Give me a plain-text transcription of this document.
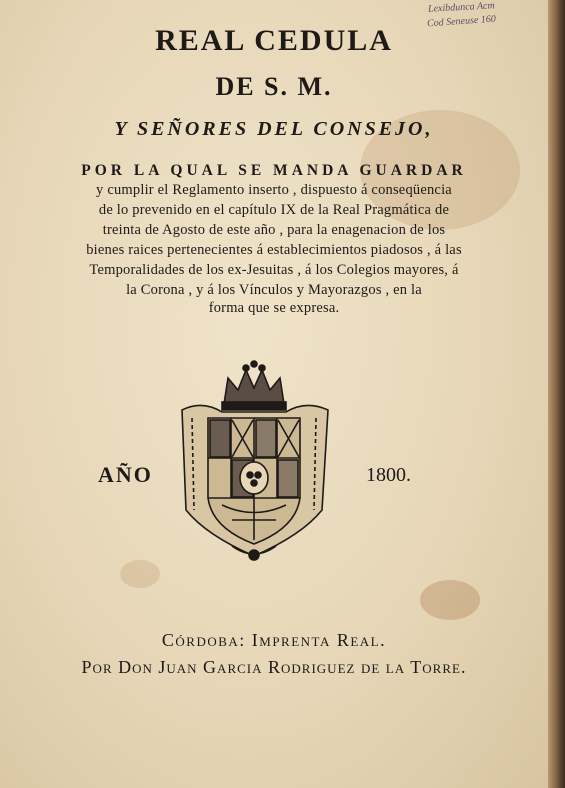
Lexibdunca Acm
Cod Seneuse 160
REAL CEDULA
DE S. M.
Y SEÑORES DEL CONSEJO,
POR LA QUAL SE MANDA GUARDAR
y cumplir el Reglamento inserto , dispuesto á conseqüencia
de lo prevenido en el capítulo IX de la Real Pragmática de
treinta de Agosto de este año , para la enagenacion de los
bienes raices pertenecientes á establecimientos piadosos , á las
Temporalidades de los ex-Jesuitas , á los Colegios mayores, á
la Corona , y á los Vínculos y Mayorazgos , en la
forma que se expresa.
AÑO	1800.
Córdoba: Imprenta Real.
Por Don Juan Garcia Rodriguez de la Torre.
